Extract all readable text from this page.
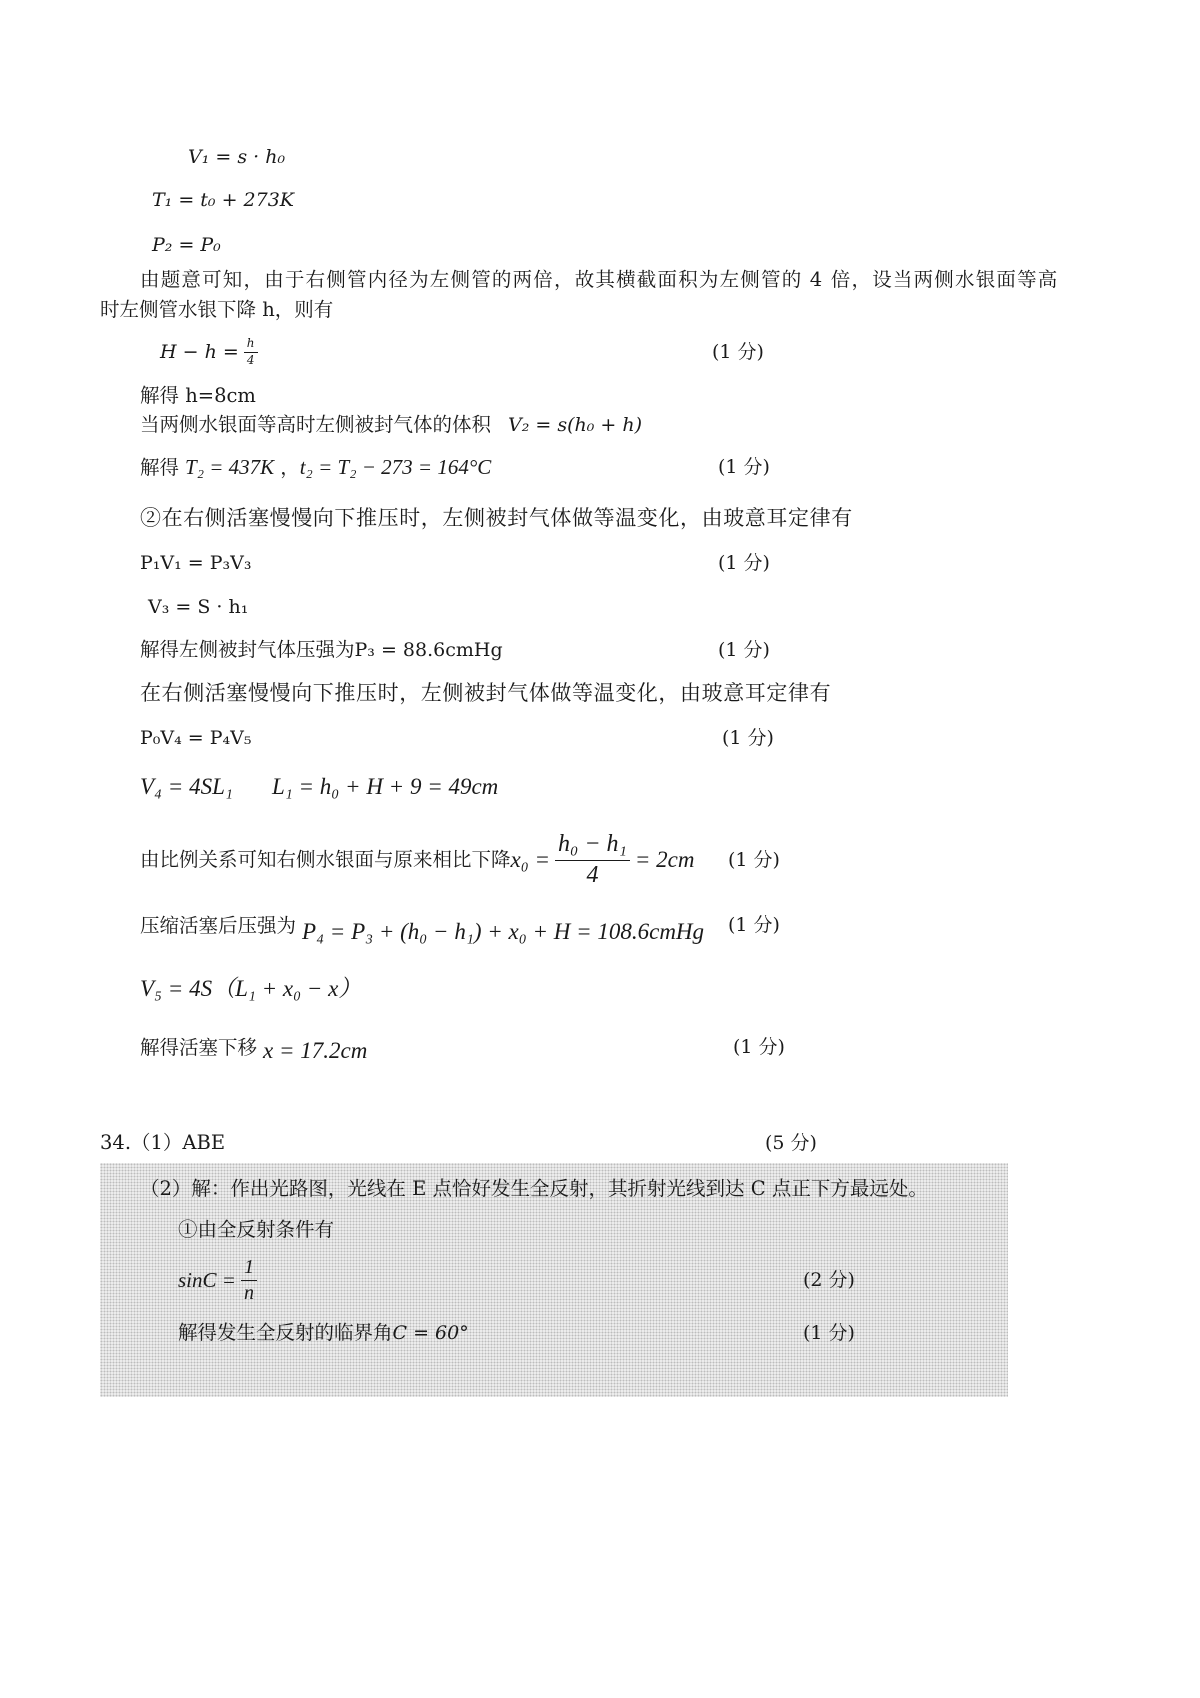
V₁ = s · h₀
T₁ = t₀ + 273K
P₂ = P₀
由题意可知，由于右侧管内径为左侧管的两倍，故其横截面积为左侧管的 4 倍，设当两侧水银面等高
时左侧管水银下降 h，则有
$H - h = \frac{h}{4}$	(1 分)
解得 h=8cm
当两侧水银面等高时左侧被封气体的体积 V₂ = s(h₀ + h)
解得 T₂ = 437K ， t₂ = T₂ − 273 = 164°C	(1 分)
②在右侧活塞慢慢向下推压时，左侧被封气体做等温变化，由玻意耳定律有
P₁V₁ = P₃V₃	(1 分)
V₃ = S · h₁
解得左侧被封气体压强为 P₃ = 88.6cmHg	(1 分)
在右侧活塞慢慢向下推压时，左侧被封气体做等温变化，由玻意耳定律有
P₀V₄ = P₄V₅	(1 分)
V₄ = 4SL₁ L₁ = h₀ + H + 9 = 49cm
由比例关系可知右侧水银面与原来相比下降 $x_0 = \frac{\text{h₀ − h₁}}{4} = 2cm$ (1 分)
压缩活塞后压强为 P₄ = P₃ + (h₀ − h₁) + x₀ + H = 108.6cmHg (1 分)
V₅ = 4S（L₁ + x₀ − x）
解得活塞下移 x = 17.2cm	(1 分)
34.（1）ABE	(5 分)
（2）解：作出光路图，光线在 E 点恰好发生全反射，其折射光线到达 C 点正下方最远处。
①由全反射条件有
$\sin C = \frac{1}{n}$	(2 分)
解得发生全反射的临界角 C = 60°	(1 分)
